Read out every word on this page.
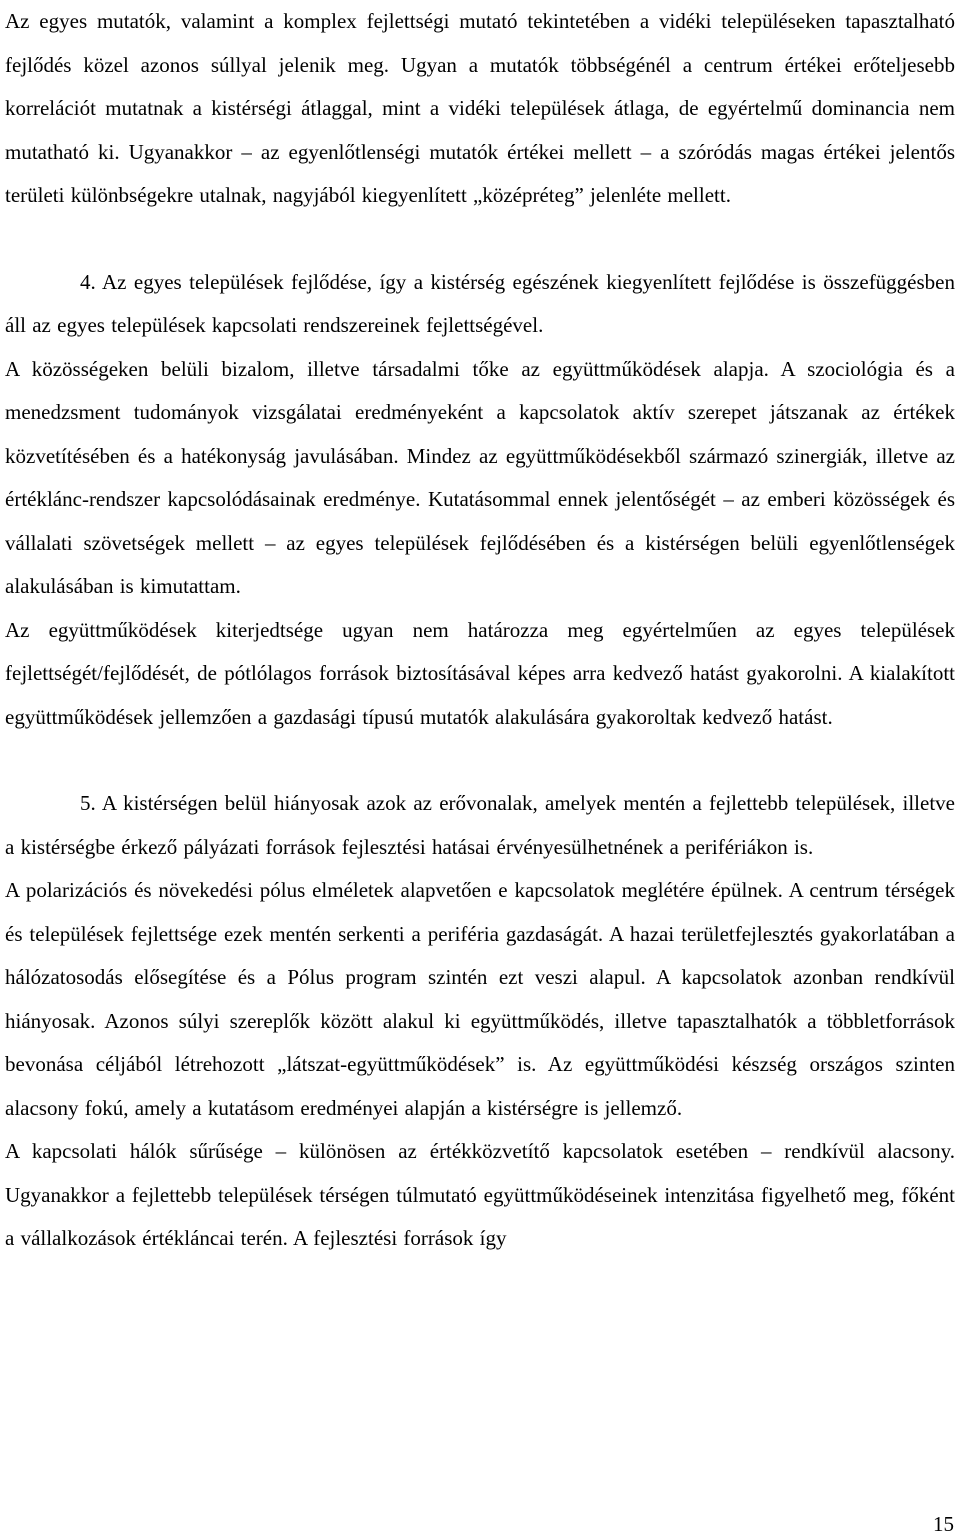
Az egyes mutatók, valamint a komplex fejlettségi mutató tekintetében a vidéki településeken tapasztalható fejlődés közel azonos súllyal jelenik meg. Ugyan a mutatók többségénél a centrum értékei erőteljesebb korrelációt mutatnak a kistérségi átlaggal, mint a vidéki települések átlaga, de egyértelmű dominancia nem mutatható ki. Ugyanakkor – az egyenlőtlenségi mutatók értékei mellett – a szóródás magas értékei jelentős területi különbségekre utalnak, nagyjából kiegyenlített „középréteg” jelenléte mellett.

4. Az egyes települések fejlődése, így a kistérség egészének kiegyenlített fejlődése is összefüggésben áll az egyes települések kapcsolati rendszereinek fejlettségével.

A közösségeken belüli bizalom, illetve társadalmi tőke az együttműködések alapja. A szociológia és a menedzsment tudományok vizsgálatai eredményeként a kapcsolatok aktív szerepet játszanak az értékek közvetítésében és a hatékonyság javulásában. Mindez az együttműködésekből származó szinergiák, illetve az értéklánc-rendszer kapcsolódásainak eredménye. Kutatásommal ennek jelentőségét – az emberi közösségek és vállalati szövetségek mellett – az egyes települések fejlődésében és a kistérségen belüli egyenlőtlenségek alakulásában is kimutattam.

Az együttműködések kiterjedtsége ugyan nem határozza meg egyértelműen az egyes települések fejlettségét/fejlődését, de pótlólagos források biztosításával képes arra kedvező hatást gyakorolni. A kialakított együttműködések jellemzően a gazdasági típusú mutatók alakulására gyakoroltak kedvező hatást.

5. A kistérségen belül hiányosak azok az erővonalak, amelyek mentén a fejlettebb települések, illetve a kistérségbe érkező pályázati források fejlesztési hatásai érvényesülhetnének a perifériákon is.

A polarizációs és növekedési pólus elméletek alapvetően e kapcsolatok meglétére épülnek. A centrum térségek és települések fejlettsége ezek mentén serkenti a periféria gazdaságát. A hazai területfejlesztés gyakorlatában a hálózatosodás elősegítése és a Pólus program szintén ezt veszi alapul. A kapcsolatok azonban rendkívül hiányosak. Azonos súlyi szereplők között alakul ki együttműködés, illetve tapasztalhatók a többletforrások bevonása céljából létrehozott „látszat-együttműködések” is. Az együttműködési készség országos szinten alacsony fokú, amely a kutatásom eredményei alapján a kistérségre is jellemző.

A kapcsolati hálók sűrűsége – különösen az értékközvetítő kapcsolatok esetében – rendkívül alacsony. Ugyanakkor a fejlettebb települések térségen túlmutató együttműködéseinek intenzitása figyelhető meg, főként a vállalkozások értékláncai terén. A fejlesztési források így

15
